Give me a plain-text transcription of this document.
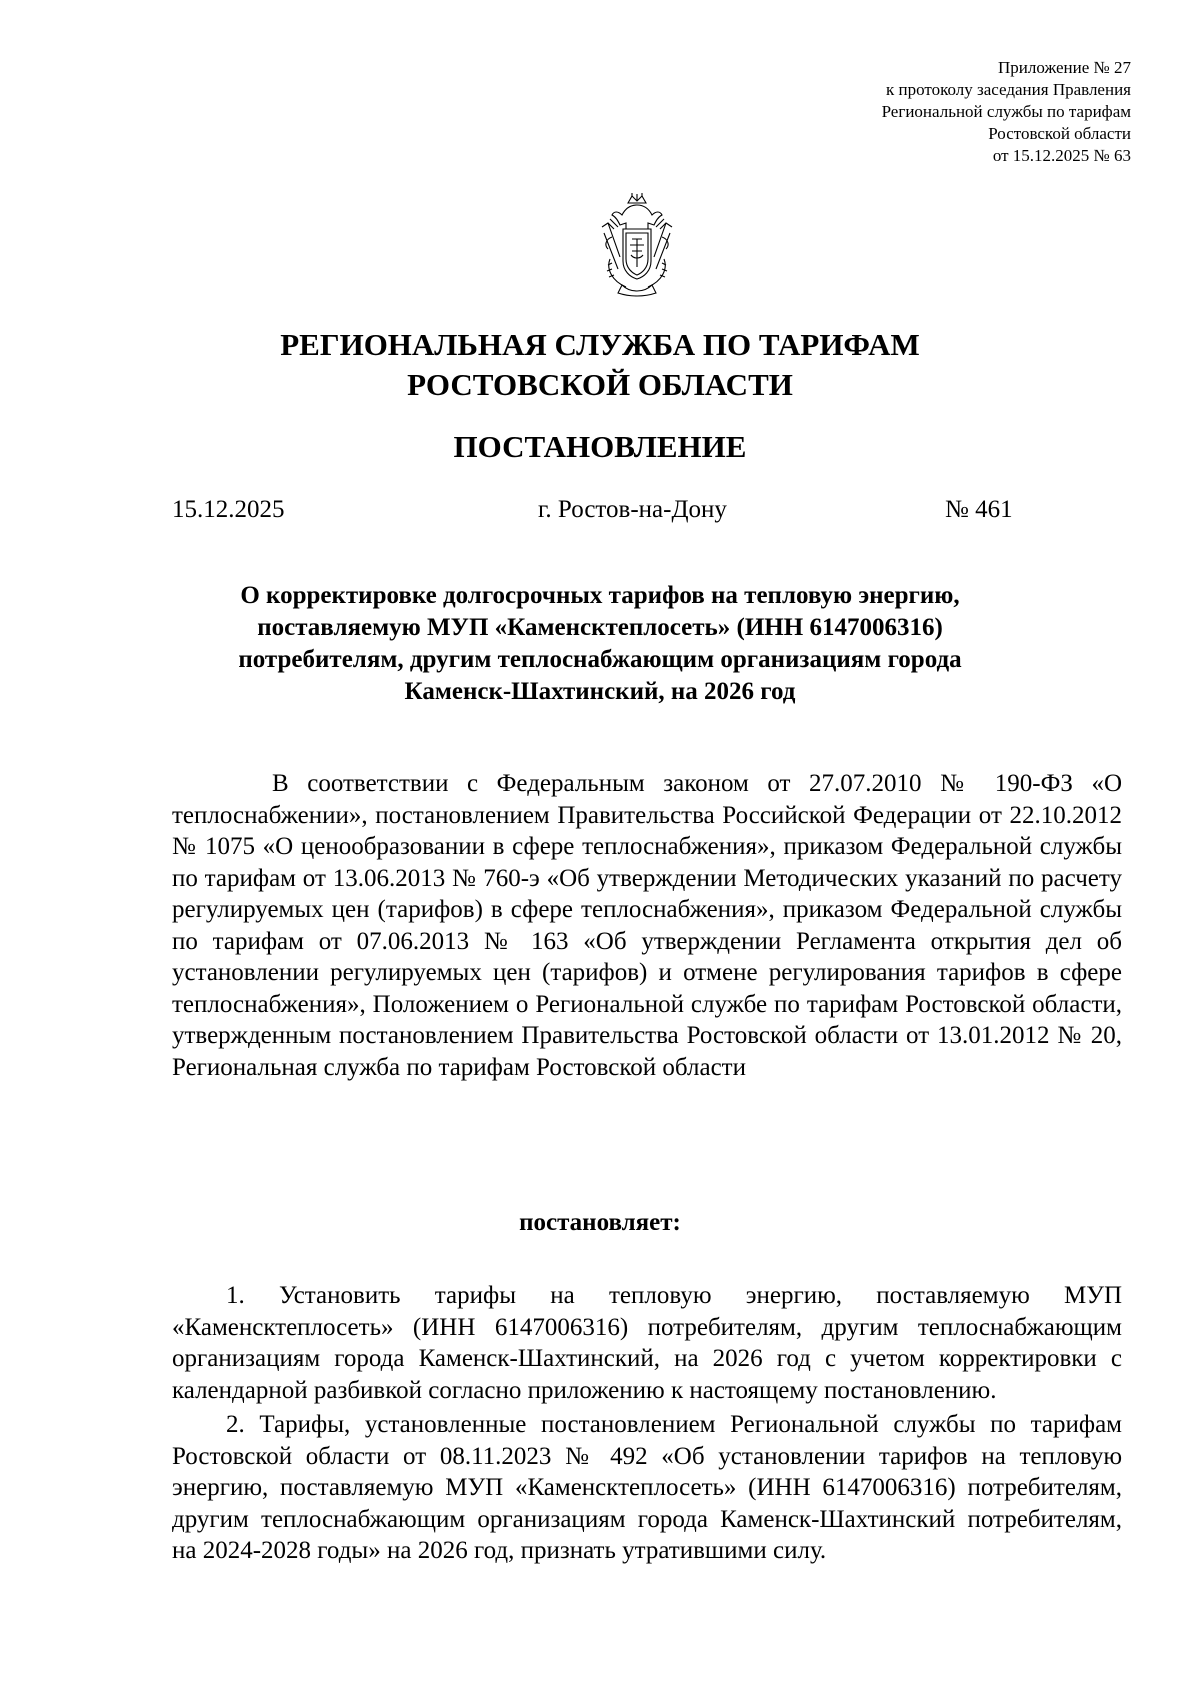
Приложение № 27
к протоколу заседания Правления
Региональной службы по тарифам
Ростовской области
от 15.12.2025 № 63
РЕГИОНАЛЬНАЯ СЛУЖБА ПО ТАРИФАМ
РОСТОВСКОЙ ОБЛАСТИ
ПОСТАНОВЛЕНИЕ
15.12.2025	г. Ростов-на-Дону	№ 461
О корректировке долгосрочных тарифов на тепловую энергию,
поставляемую МУП «Каменсктеплосеть» (ИНН 6147006316)
потребителям, другим теплоснабжающим организациям города
Каменск-Шахтинский, на 2026 год
В соответствии с Федеральным законом от 27.07.2010 № 190-ФЗ «О теплоснабжении», постановлением Правительства Российской Федерации от 22.10.2012 № 1075 «О ценообразовании в сфере теплоснабжения», приказом Федеральной службы по тарифам от 13.06.2013 № 760-э «Об утверждении Методических указаний по расчету регулируемых цен (тарифов) в сфере теплоснабжения», приказом Федеральной службы по тарифам от 07.06.2013 № 163 «Об утверждении Регламента открытия дел об установлении регулируемых цен (тарифов) и отмене регулирования тарифов в сфере теплоснабжения», Положением о Региональной службе по тарифам Ростовской области, утвержденным постановлением Правительства Ростовской области от 13.01.2012 № 20, Региональная служба по тарифам Ростовской области
постановляет:
1. Установить тарифы на тепловую энергию, поставляемую МУП «Каменсктеплосеть» (ИНН 6147006316) потребителям, другим теплоснабжающим организациям города Каменск-Шахтинский, на 2026 год с учетом корректировки с календарной разбивкой согласно приложению к настоящему постановлению.
2. Тарифы, установленные постановлением Региональной службы по тарифам Ростовской области от 08.11.2023 № 492 «Об установлении тарифов на тепловую энергию, поставляемую МУП «Каменсктеплосеть» (ИНН 6147006316) потребителям, другим теплоснабжающим организациям города Каменск-Шахтинский потребителям, на 2024-2028 годы» на 2026 год, признать утратившими силу.
